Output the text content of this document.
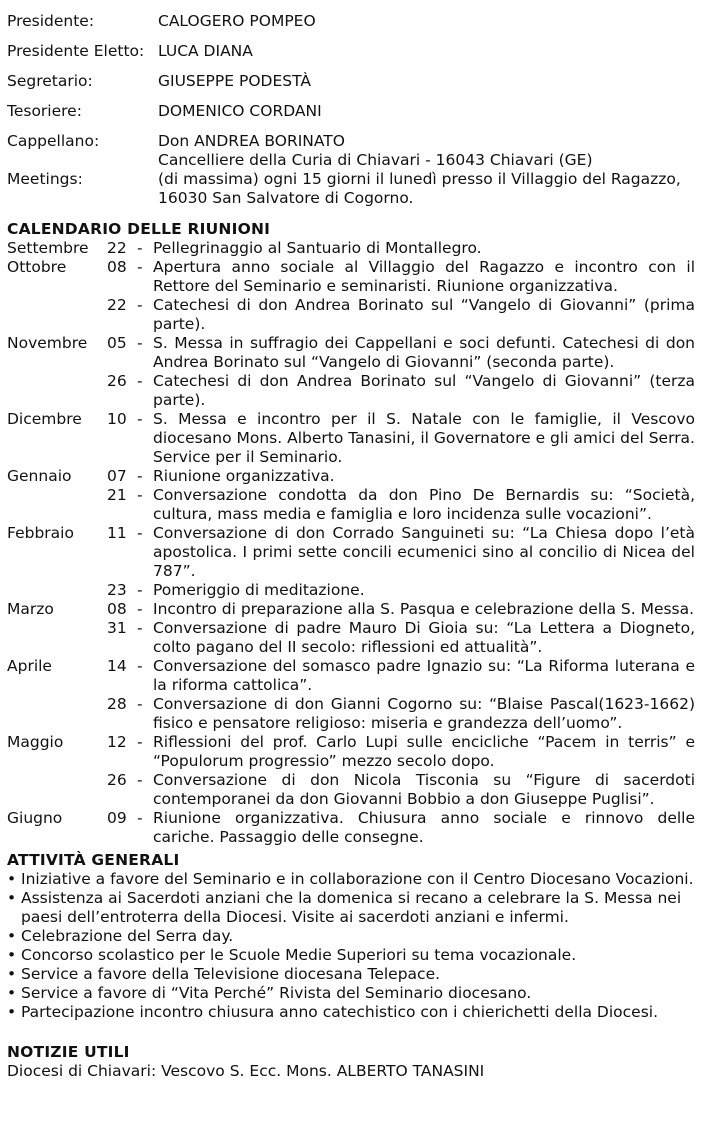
Presidente:	CALOGERO POMPEO
Presidente Eletto: LUCA DIANA
Segretario:	GIUSEPPE PODESTÀ
Tesoriere:	DOMENICO CORDANI
Cappellano:	Don ANDREA BORINATO
Cancelliere della Curia di Chiavari - 16043 Chiavari (GE)
Meetings:	(di massima) ogni 15 giorni il lunedì presso il Villaggio del Ragazzo, 16030 San Salvatore di Cogorno.
CALENDARIO DELLE RIUNIONI
Settembre	22 - Pellegrinaggio al Santuario di Montallegro.
Ottobre	08 - Apertura anno sociale al Villaggio del Ragazzo e incontro con il Rettore del Seminario e seminaristi. Riunione organizzativa.
22 - Catechesi di don Andrea Borinato sul “Vangelo di Giovanni” (prima parte).
Novembre	05 - S. Messa in suffragio dei Cappellani e soci defunti. Catechesi di don Andrea Borinato sul “Vangelo di Giovanni” (seconda parte).
26 - Catechesi di don Andrea Borinato sul “Vangelo di Giovanni” (terza parte).
Dicembre	10 - S. Messa e incontro per il S. Natale con le famiglie, il Vescovo diocesano Mons. Alberto Tanasini, il Governatore e gli amici del Serra. Service per il Seminario.
Gennaio	07 - Riunione organizzativa.
21 - Conversazione condotta da don Pino De Bernardis su: “Società, cultura, mass media e famiglia e loro incidenza sulle vocazioni”.
Febbraio	11 - Conversazione di don Corrado Sanguineti su: “La Chiesa dopo l’età apostolica. I primi sette concili ecumenici sino al concilio di Nicea del 787”.
23 - Pomeriggio di meditazione.
Marzo	08 - Incontro di preparazione alla S. Pasqua e celebrazione della S. Messa.
31 - Conversazione di padre Mauro Di Gioia su: “La Lettera a Diogneto, colto pagano del II secolo: riflessioni ed attualità”.
Aprile	14 - Conversazione del somasco padre Ignazio su: “La Riforma luterana e la riforma cattolica”.
28 - Conversazione di don Gianni Cogorno su: “Blaise Pascal(1623-1662) fisico e pensatore religioso: miseria e grandezza dell’uomo”.
Maggio	12 - Riflessioni del prof. Carlo Lupi sulle encicliche “Pacem in terris” e “Populorum progressio” mezzo secolo dopo.
26 - Conversazione di don Nicola Tisconia su “Figure di sacerdoti contemporanei da don Giovanni Bobbio a don Giuseppe Puglisi”.
Giugno	09 - Riunione organizzativa. Chiusura anno sociale e rinnovo delle cariche. Passaggio delle consegne.
ATTIVITÀ GENERALI
• Iniziative a favore del Seminario e in collaborazione con il Centro Diocesano Vocazioni.
• Assistenza ai Sacerdoti anziani che la domenica si recano a celebrare la S. Messa nei paesi dell’entroterra della Diocesi. Visite ai sacerdoti anziani e infermi.
• Celebrazione del Serra day.
• Concorso scolastico per le Scuole Medie Superiori su tema vocazionale.
• Service a favore della Televisione diocesana Telepace.
• Service a favore di “Vita Perché” Rivista del Seminario diocesano.
• Partecipazione incontro chiusura anno catechistico con i chierichetti della Diocesi.
NOTIZIE UTILI
Diocesi di Chiavari: Vescovo S. Ecc. Mons. ALBERTO TANASINI
